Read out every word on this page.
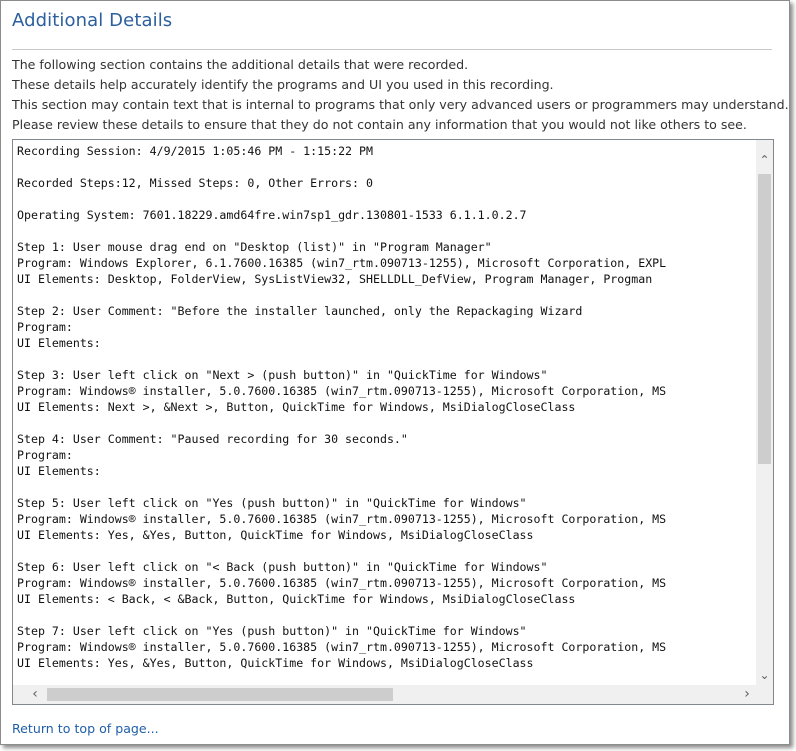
Additional Details

The following section contains the additional details that were recorded.

These details help accurately identify the programs and UI you used in this recording.

This section may contain text that is internal to programs that only very advanced users or programmers may understand.

Please review these details to ensure that they do not contain any information that you would not like others to see.

Recording Session: 4/9/2015 1:05:46 PM - 1:15:22 PM

Recorded Steps:12, Missed Steps: 0, Other Errors: 0

Operating System: 7601.18229.amd64fre.win7sp1_gdr.130801-1533 6.1.1.0.2.7

Step 1: User mouse drag end on "Desktop (list)" in "Program Manager"
Program: Windows Explorer, 6.1.7600.16385 (win7_rtm.090713-1255), Microsoft Corporation, EXPL
UI Elements: Desktop, FolderView, SysListView32, SHELLDLL_DefView, Program Manager, Progman

Step 2: User Comment: "Before the installer launched, only the Repackaging Wizard
Program:
UI Elements:

Step 3: User left click on "Next > (push button)" in "QuickTime for Windows"
Program: Windows® installer, 5.0.7600.16385 (win7_rtm.090713-1255), Microsoft Corporation, MS
UI Elements: Next >, &Next >, Button, QuickTime for Windows, MsiDialogCloseClass

Step 4: User Comment: "Paused recording for 30 seconds."
Program:
UI Elements:

Step 5: User left click on "Yes (push button)" in "QuickTime for Windows"
Program: Windows® installer, 5.0.7600.16385 (win7_rtm.090713-1255), Microsoft Corporation, MS
UI Elements: Yes, &Yes, Button, QuickTime for Windows, MsiDialogCloseClass

Step 6: User left click on "< Back (push button)" in "QuickTime for Windows"
Program: Windows® installer, 5.0.7600.16385 (win7_rtm.090713-1255), Microsoft Corporation, MS
UI Elements: < Back, < &Back, Button, QuickTime for Windows, MsiDialogCloseClass

Step 7: User left click on "Yes (push button)" in "QuickTime for Windows"
Program: Windows® installer, 5.0.7600.16385 (win7_rtm.090713-1255), Microsoft Corporation, MS
UI Elements: Yes, &Yes, Button, QuickTime for Windows, MsiDialogCloseClass
⌃
⌄
‹	›
Return to top of page...
